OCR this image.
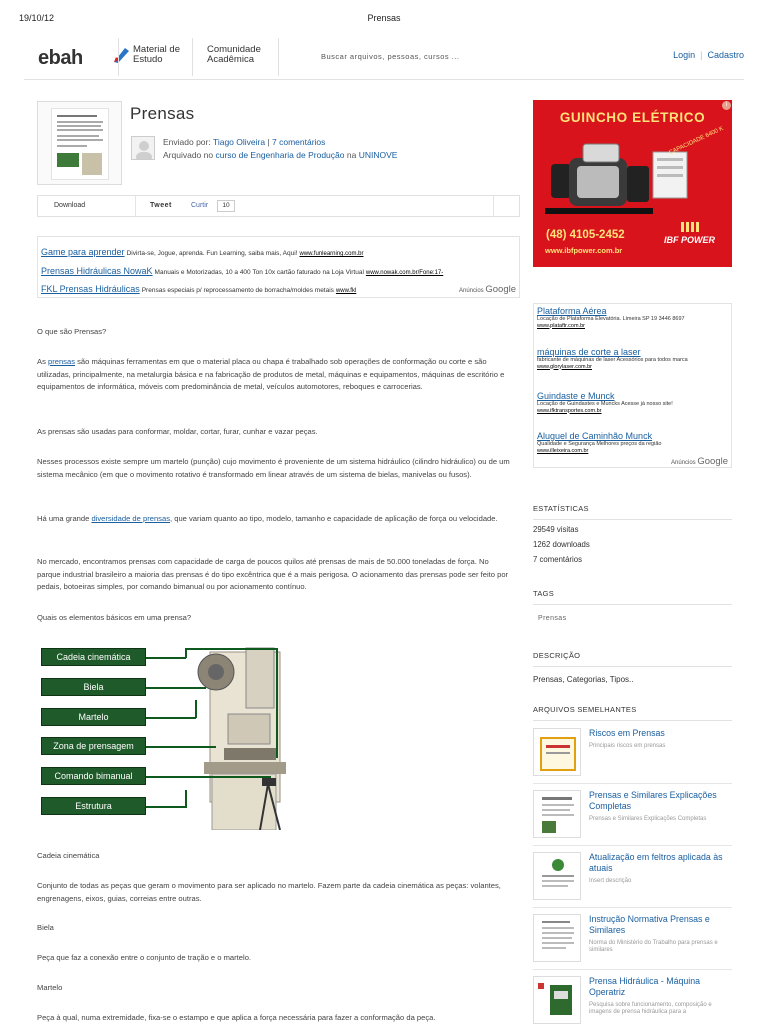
19/10/12	Prensas
ebah	Material de
Estudo
Comunidade
Acadêmica	Buscar arquivos, pessoas, cursos ...	Login | Cadastro
Prensas
Enviado por: Tiago Oliveira | 7 comentários
Arquivado no curso de Engenharia de Produção na UNINOVE
Download	Tweet	Curtir	10
Game para aprender Divirta-se, Jogue, aprenda. Fun Learning, saiba mais, Aqui! www.funlearning.com.br
Prensas Hidráulicas NowaK Manuais e Motorizadas, 10 a 400 Ton 10x cartão faturado na Loja Virtual www.nowak.com.br/Fone:17-
FKL Prensas Hidráulicas Prensas especiais p/ reprocessamento de borracha/moldes metais www.fkl	Anúncios Google

O que são Prensas?

As prensas são máquinas ferramentas em que o material placa ou chapa é trabalhado sob operações de conformação ou corte e são utilizadas, principalmente, na metalurgia básica e na fabricação de produtos de metal, máquinas e equipamentos, máquinas de escritório e equipamentos de informática, móveis com predominância de metal, veículos automotores, reboques e carrocerias.

As prensas são usadas para conformar, moldar, cortar, furar, cunhar e vazar peças.

Nesses processos existe sempre um martelo (punção) cujo movimento é proveniente de um sistema hidráulico (cilindro hidráulico) ou de um sistema mecânico (em que o movimento rotativo é transformado em linear através de um sistema de bielas, manivelas ou fusos).

Há uma grande diversidade de prensas, que variam quanto ao tipo, modelo, tamanho e capacidade de aplicação de força ou velocidade.

No mercado, encontramos prensas com capacidade de carga de poucos quilos até prensas de mais de 50.000 toneladas de força. No parque industrial brasileiro a maioria das prensas é do tipo excêntrica que é a mais perigosa. O acionamento das prensas pode ser feito por pedais, botoeiras simples, por comando bimanual ou por acionamento contínuo.

Quais os elementos básicos em uma prensa?

Cadeia cinemática

Conjunto de todas as peças que geram o movimento para ser aplicado no martelo. Fazem parte da cadeia cinemática as peças: volantes, engrenagens, eixos, guias, correias entre outras.

Biela

Peça que faz a conexão entre o conjunto de tração e o martelo.

Martelo

Peça à qual, numa extremidade, fixa-se o estampo e que aplica a força necessária para fazer a conformação da peça.

Cadeia cinemática
Biela
Martelo
Zona de prensagem
Comando bimanual
Estrutura
i
GUINCHO ELÉTRICO
CAPACIDADE 6400 K
(48) 4105-2452
www.ibfpower.com.br
IBF POWER
Plataforma Aérea
Locação de Plataforma Elevatória. Limeira SP 19 3446 8697
www.plataftr.com.br
máquinas de corte a laser
fabricante de máquinas de laser Acessórios para todos marca
www.glorylaser.com.br
Guindaste e Munck
Locação de Guindastes e Muncks Acesse já nosso site!
www.ifktransportes.com.br
Aluguel de Caminhão Munck
Qualidade e Segurança Melhores preços da região
www.illeixeira.com.br
Anúncios Google
ESTATÍSTICAS
29549 visitas
1262 downloads
7 comentários
TAGS
Prensas
DESCRIÇÃO
Prensas, Categorias, Tipos..
ARQUIVOS SEMELHANTES
Riscos em Prensas
Principais riscos em prensas
Prensas e Similares Explicações Completas
Prensas e Similares Explicações Completas
Atualização em feltros aplicada às atuais
Insert descrição
Instrução Normativa Prensas e Similares
Norma do Ministério do Trabalho para prensas e similares
Prensa Hidráulica - Máquina Operatriz
Pesquisa sobre funcionamento, composição e imagens de prensa hidráulica para a
